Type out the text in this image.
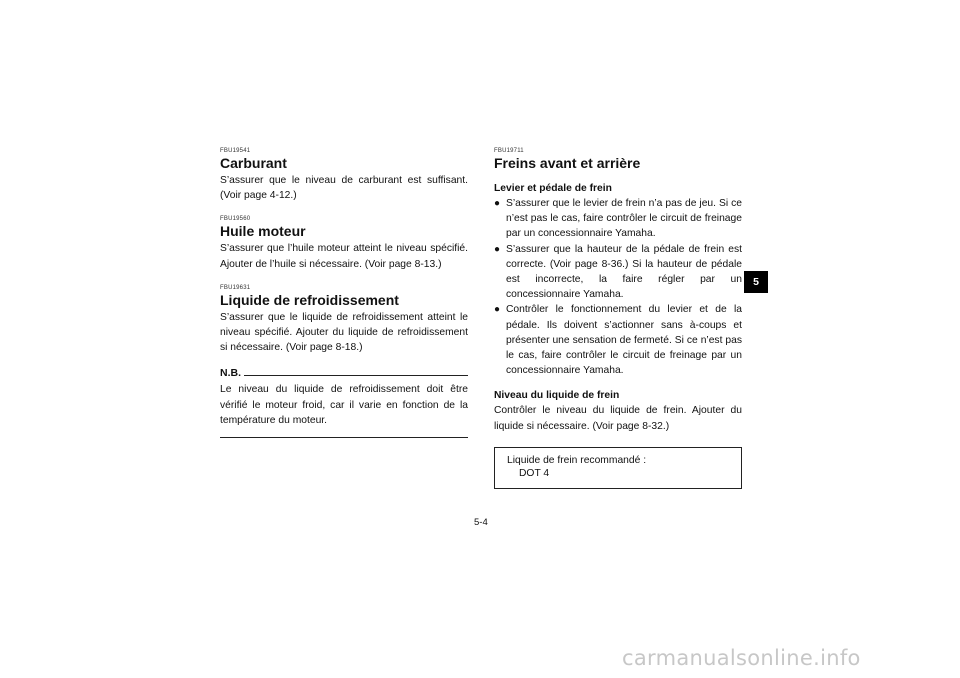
FBU19541
Carburant
S’assurer que le niveau de carburant est suffisant. (Voir page 4-12.)
FBU19560
Huile moteur
S’assurer que l’huile moteur atteint le niveau spécifié. Ajouter de l’huile si nécessaire. (Voir page 8-13.)
FBU19631
Liquide de refroidissement
S’assurer que le liquide de refroidissement atteint le niveau spécifié. Ajouter du liquide de refroidissement si nécessaire. (Voir page 8-18.)
N.B.
Le niveau du liquide de refroidissement doit être vérifié le moteur froid, car il varie en fonction de la température du moteur.
FBU19711
Freins avant et arrière
Levier et pédale de frein
● S’assurer que le levier de frein n’a pas de jeu. Si ce n’est pas le cas, faire contrôler le circuit de freinage par un concessionnaire Yamaha.
● S’assurer que la hauteur de la pédale de frein est correcte. (Voir page 8-36.) Si la hauteur de pédale est incorrecte, la faire régler par un concessionnaire Yamaha.
● Contrôler le fonctionnement du levier et de la pédale. Ils doivent s’actionner sans à-coups et présenter une sensation de fermeté. Si ce n’est pas le cas, faire contrôler le circuit de freinage par un concessionnaire Yamaha.
Niveau du liquide de frein
Contrôler le niveau du liquide de frein. Ajouter du liquide si nécessaire. (Voir page 8-32.)
Liquide de frein recommandé :
DOT 4
5-4
5
carmanualsonline.info
